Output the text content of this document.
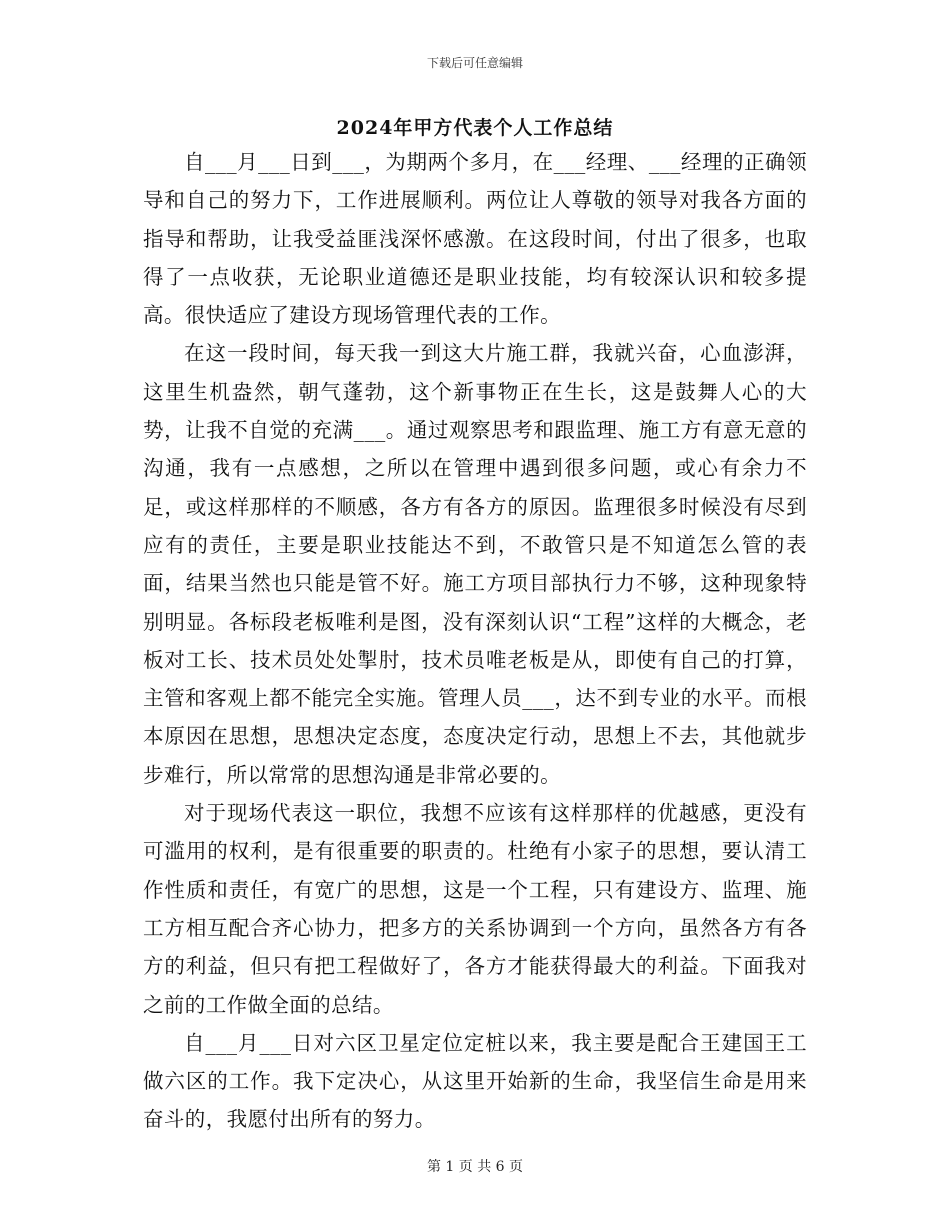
下载后可任意编辑
2024年甲方代表个人工作总结

自___月___日到___，为期两个多月，在___经理、___经理的正确领导和自己的努力下，工作进展顺利。两位让人尊敬的领导对我各方面的指导和帮助，让我受益匪浅深怀感激。在这段时间，付出了很多，也取得了一点收获，无论职业道德还是职业技能，均有较深认识和较多提高。很快适应了建设方现场管理代表的工作。

在这一段时间，每天我一到这大片施工群，我就兴奋，心血澎湃，这里生机盎然，朝气蓬勃，这个新事物正在生长，这是鼓舞人心的大势，让我不自觉的充满___。通过观察思考和跟监理、施工方有意无意的沟通，我有一点感想，之所以在管理中遇到很多问题，或心有余力不足，或这样那样的不顺感，各方有各方的原因。监理很多时候没有尽到应有的责任，主要是职业技能达不到，不敢管只是不知道怎么管的表面，结果当然也只能是管不好。施工方项目部执行力不够，这种现象特别明显。各标段老板唯利是图，没有深刻认识“工程”这样的大概念，老板对工长、技术员处处掣肘，技术员唯老板是从，即使有自己的打算，主管和客观上都不能完全实施。管理人员___，达不到专业的水平。而根本原因在思想，思想决定态度，态度决定行动，思想上不去，其他就步步难行，所以常常的思想沟通是非常必要的。

对于现场代表这一职位，我想不应该有这样那样的优越感，更没有可滥用的权利，是有很重要的职责的。杜绝有小家子的思想，要认清工作性质和责任，有宽广的思想，这是一个工程，只有建设方、监理、施工方相互配合齐心协力，把多方的关系协调到一个方向，虽然各方有各方的利益，但只有把工程做好了，各方才能获得最大的利益。下面我对之前的工作做全面的总结。

自___月___日对六区卫星定位定桩以来，我主要是配合王建国王工做六区的工作。我下定决心，从这里开始新的生命，我坚信生命是用来奋斗的，我愿付出所有的努力。

第 1 页 共 6 页
